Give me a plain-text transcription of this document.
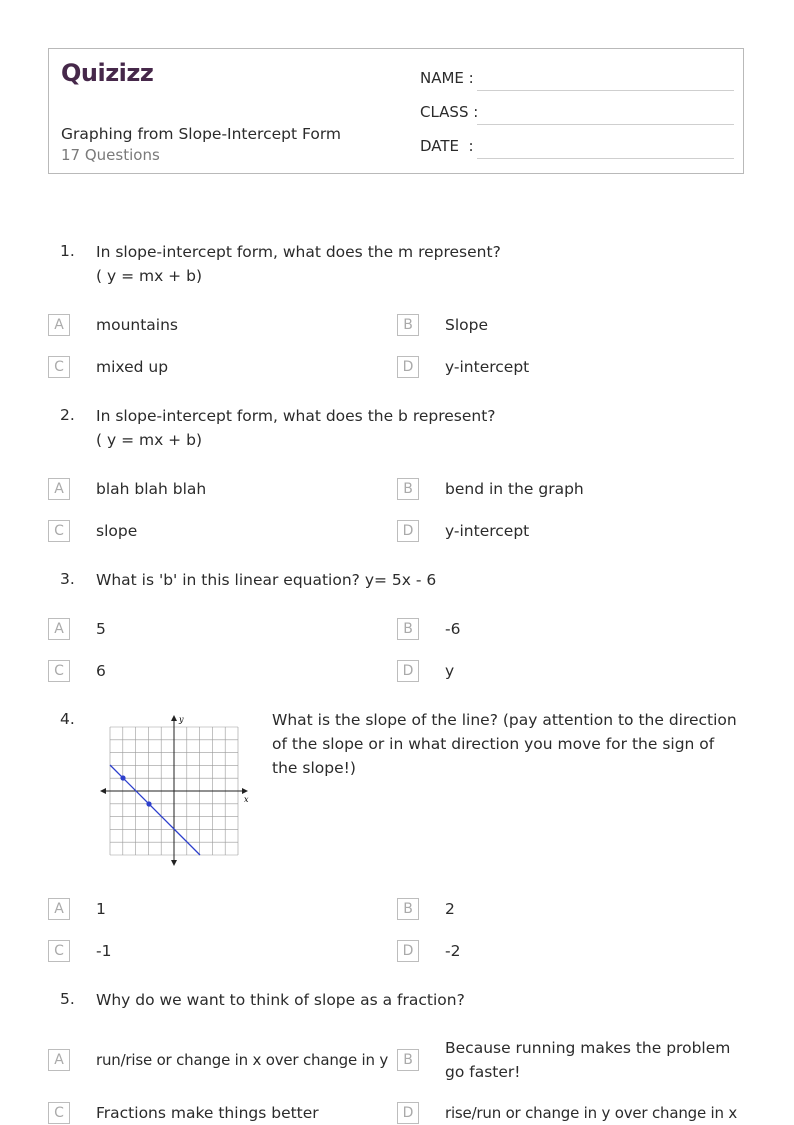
Quizizz
Graphing from Slope-Intercept Form
17 Questions
NAME :
CLASS :
DATE  :
1. In slope-intercept form, what does the m represent?
( y = mx + b)
A	mountains	B	Slope
C	mixed up	D	y-intercept
2. In slope-intercept form, what does the b represent?
( y = mx + b)
A	blah blah blah	B	bend in the graph
C	slope	D	y-intercept
3. What is 'b' in this linear equation? y= 5x - 6
A	5	B	-6
C	6	D	y
4.
x
y	What is the slope of the line? (pay attention to the direction of the slope or in what direction you move for the sign of the slope!)
A	1	B	2
C	-1	D	-2
5. Why do we want to think of slope as a fraction?
A	run/rise or change in x over change in y	B
Because running makes the problem go faster!
C	Fractions make things better	D	rise/run or change in y over change in x
